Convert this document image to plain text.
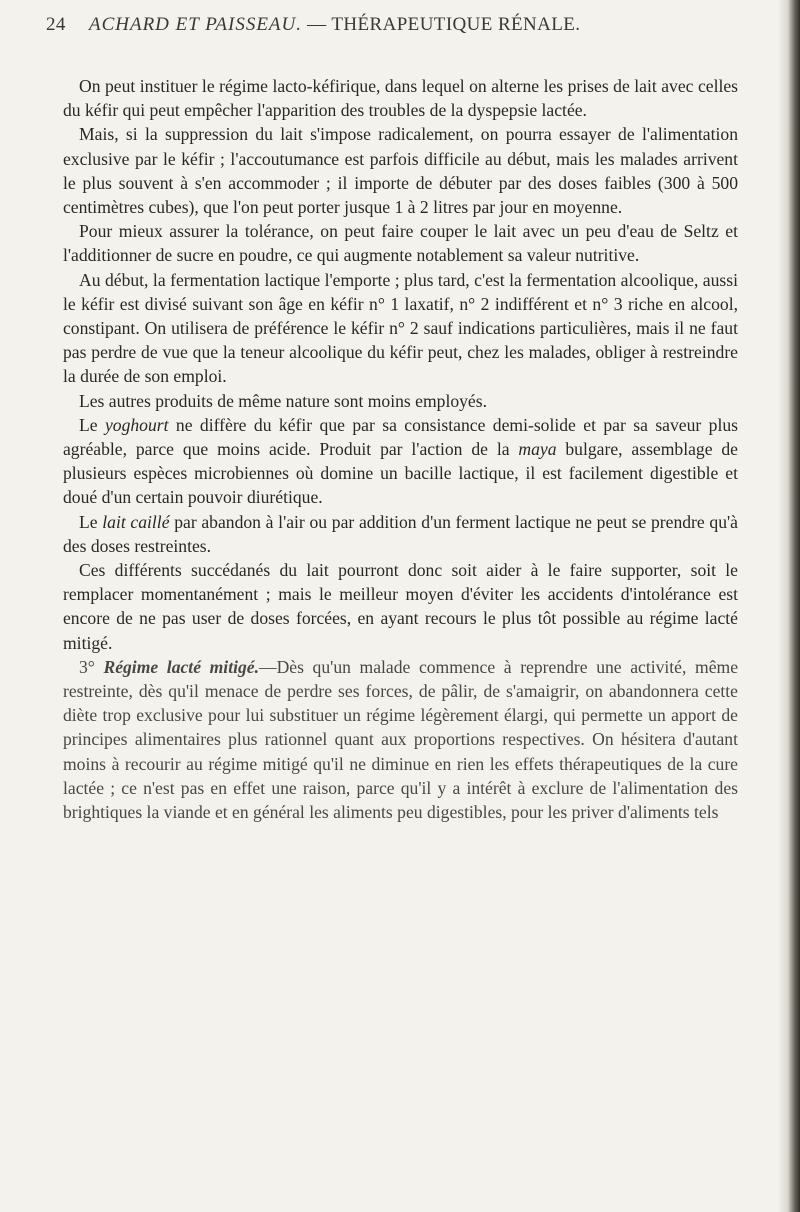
24 ACHARD ET PAISSEAU. — THÉRAPEUTIQUE RÉNALE.

On peut instituer le régime lacto-kéfirique, dans lequel on alterne les prises de lait avec celles du kéfir qui peut empêcher l'apparition des troubles de la dyspepsie lactée.

Mais, si la suppression du lait s'impose radicalement, on pourra essayer de l'alimentation exclusive par le kéfir ; l'accoutumance est parfois difficile au début, mais les malades arrivent le plus souvent à s'en accommoder ; il importe de débuter par des doses faibles (300 à 500 centimètres cubes), que l'on peut porter jusque 1 à 2 litres par jour en moyenne.

Pour mieux assurer la tolérance, on peut faire couper le lait avec un peu d'eau de Seltz et l'additionner de sucre en poudre, ce qui augmente notablement sa valeur nutritive.

Au début, la fermentation lactique l'emporte ; plus tard, c'est la fermentation alcoolique, aussi le kéfir est divisé suivant son âge en kéfir n° 1 laxatif, n° 2 indifférent et n° 3 riche en alcool, constipant. On utilisera de préférence le kéfir n° 2 sauf indications particulières, mais il ne faut pas perdre de vue que la teneur alcoolique du kéfir peut, chez les malades, obliger à restreindre la durée de son emploi.

Les autres produits de même nature sont moins employés.

Le yoghourt ne diffère du kéfir que par sa consistance demi-solide et par sa saveur plus agréable, parce que moins acide. Produit par l'action de la maya bulgare, assemblage de plusieurs espèces microbiennes où domine un bacille lactique, il est facilement digestible et doué d'un certain pouvoir diurétique.

Le lait caillé par abandon à l'air ou par addition d'un ferment lactique ne peut se prendre qu'à des doses restreintes.

Ces différents succédanés du lait pourront donc soit aider à le faire supporter, soit le remplacer momentanément ; mais le meilleur moyen d'éviter les accidents d'intolérance est encore de ne pas user de doses forcées, en ayant recours le plus tôt possible au régime lacté mitigé.

3° Régime lacté mitigé.—Dès qu'un malade commence à reprendre une activité, même restreinte, dès qu'il menace de perdre ses forces, de pâlir, de s'amaigrir, on abandonnera cette diète trop exclusive pour lui substituer un régime légèrement élargi, qui permette un apport de principes alimentaires plus rationnel quant aux proportions respectives. On hésitera d'autant moins à recourir au régime mitigé qu'il ne diminue en rien les effets thérapeutiques de la cure lactée ; ce n'est pas en effet une raison, parce qu'il y a intérêt à exclure de l'alimentation des brightiques la viande et en général les aliments peu digestibles, pour les priver d'aliments tels
